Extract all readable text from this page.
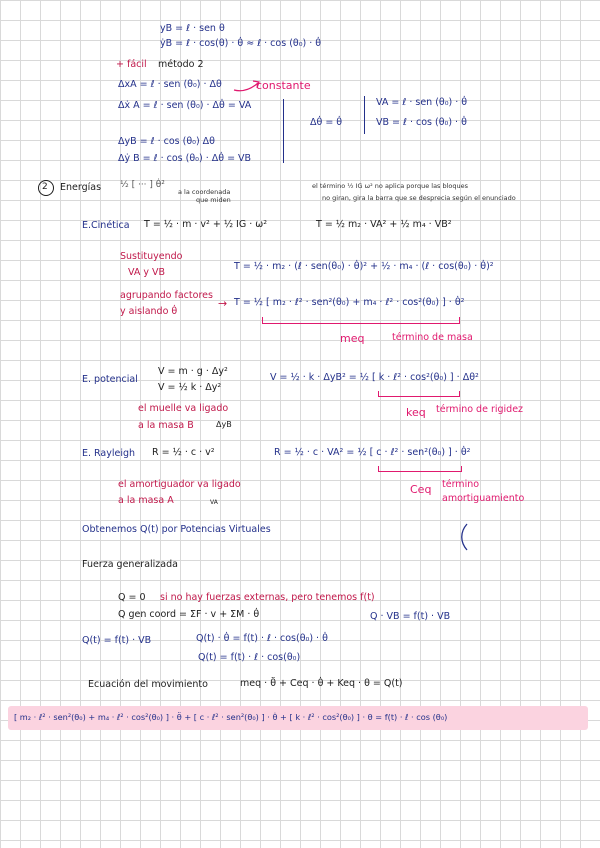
yB = ℓ · sen θ
ẏB = ℓ · cos(θ) · θ̇ ≈ ℓ · cos (θ₀) · θ̇
+ fácil método 2
ΔxA = ℓ · sen (θ₀) · Δθ	constante
Δẋ A = ℓ · sen (θ₀) · Δθ̇ = VA
Δθ̇ = θ̇
VA = ℓ · sen (θ₀) · θ̇
VB = ℓ · cos (θ₀) · θ̇
ΔyB = ℓ · cos (θ₀) Δθ
Δẏ B = ℓ · cos (θ₀) · Δθ̇ = VB
2 Energías ½ [ ··· ] θ̇²
a la coordenada
que miden
el término ½ IG ω² no aplica porque las bloques
no giran, gira la barra que se desprecia según el enunciado
E.Cinética T = ½ · m · v² + ½ IG · ω²	T = ½ m₂ · VA² + ½ m₄ · VB²
Sustituyendo
VA y VB
T = ½ · m₂ · (ℓ · sen(θ₀) · θ̇)² + ½ · m₄ · (ℓ · cos(θ₀) · θ̇)²
agrupando factores
y aislando θ̇
→ T = ½ [ m₂ · ℓ² · sen²(θ₀) + m₄ · ℓ² · cos²(θ₀) ] · θ̇²
meq	término de masa
E. potencial
V = m · g · Δy²
V = ½ k · Δy²
V = ½ · k · ΔyB² = ½ [ k · ℓ² · cos²(θ₀) ] · Δθ²
keq término de rigidez
el muelle va ligado
a la masa B	ΔyB
E. Rayleigh R = ½ · c · v²	R = ½ · c · VA² = ½ [ c · ℓ² · sen²(θ₀) ] · θ̇²
Ceq término
amortiguamiento
el amortiguador va ligado
a la masa A	VA
Obtenemos Q(t) por Potencias Virtuales
Fuerza generalizada
Q = 0 si no hay fuerzas externas, pero tenemos f(t)
Q gen coord = ΣF · v + ΣM · θ̇	Q · VB = f(t) · VB
Q(t) = f(t) · VB	Q(t) · θ̇ = f(t) · ℓ · cos(θ₀) · θ̇
Q(t) = f(t) · ℓ · cos(θ₀)
Ecuación del movimiento	meq · θ̈ + Ceq · θ̇ + Keq · θ = Q(t)
[ m₂ · ℓ² · sen²(θ₀) + m₄ · ℓ² · cos²(θ₀) ] · θ̈ + [ c · ℓ² · sen²(θ₀) ] · θ̇ + [ k · ℓ² · cos²(θ₀) ] · θ = f(t) · ℓ · cos (θ₀)
